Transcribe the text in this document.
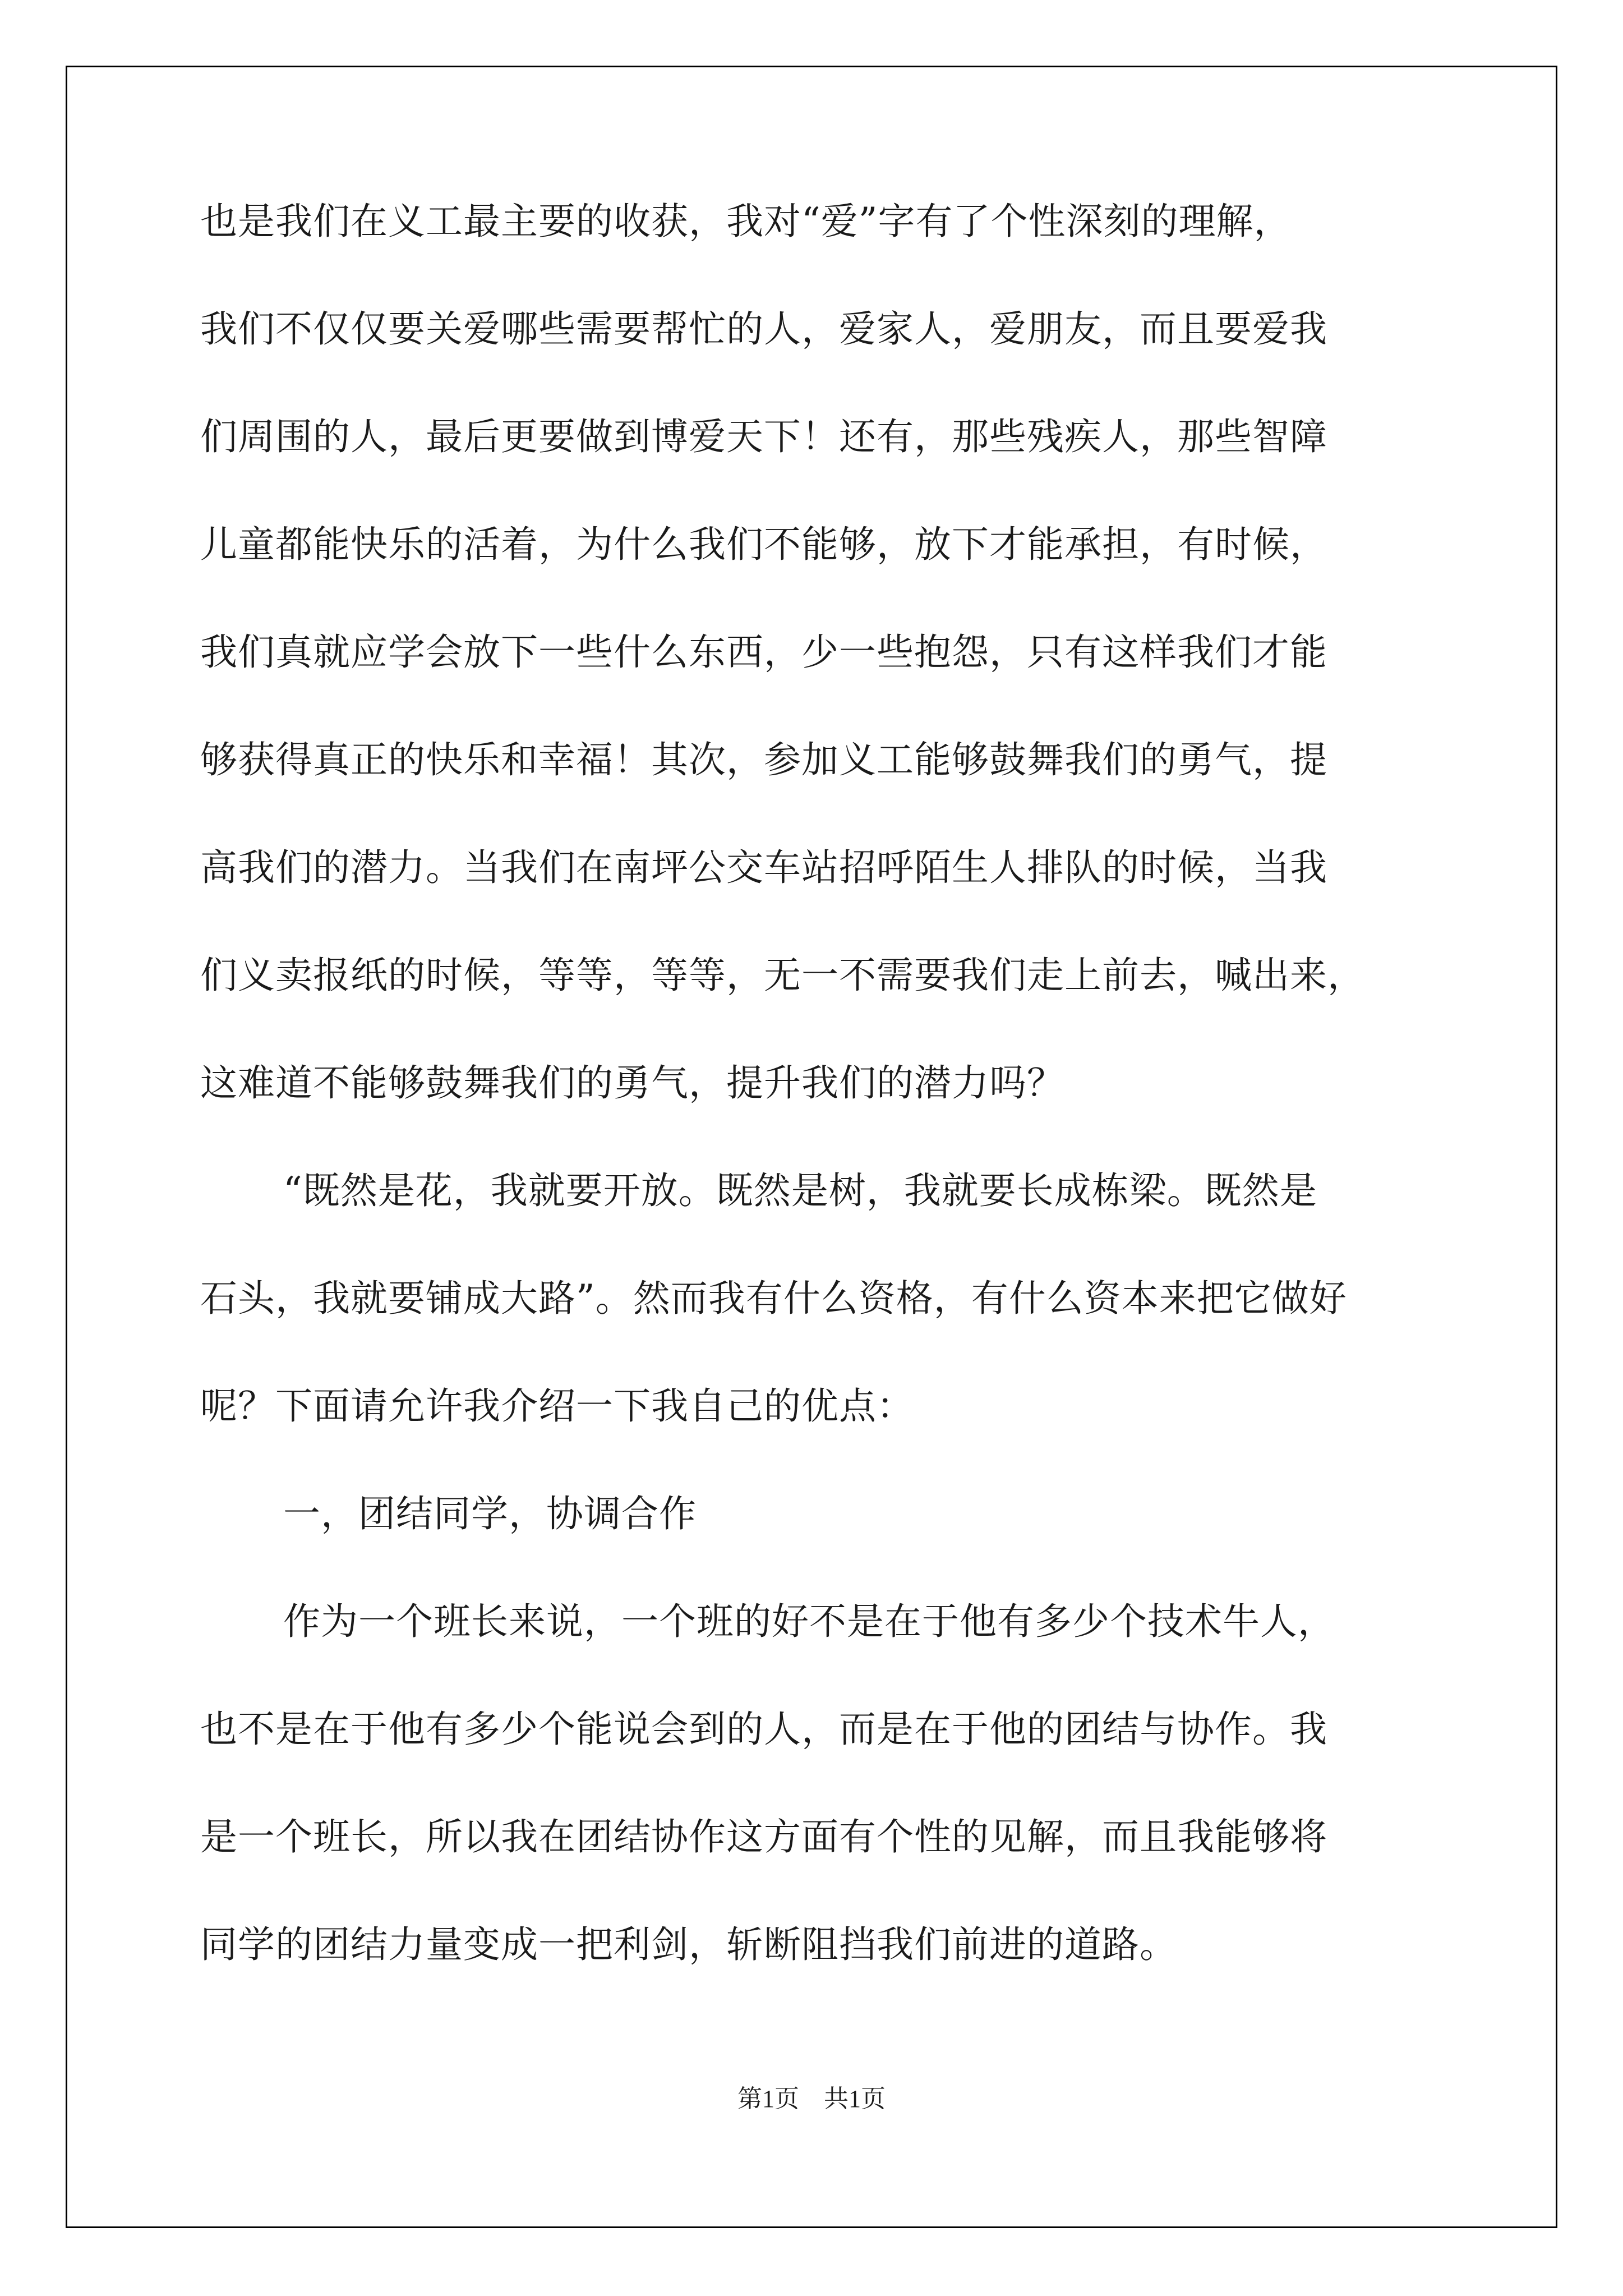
也是我们在义工最主要的收获，我对“爱”字有了个性深刻的理解，
我们不仅仅要关爱哪些需要帮忙的人，爱家人，爱朋友，而且要爱我
们周围的人，最后更要做到博爱天下！还有，那些残疾人，那些智障
儿童都能快乐的活着，为什么我们不能够，放下才能承担，有时候，
我们真就应学会放下一些什么东西，少一些抱怨，只有这样我们才能
够获得真正的快乐和幸福！其次，参加义工能够鼓舞我们的勇气，提
高我们的潜力。当我们在南坪公交车站招呼陌生人排队的时候，当我
们义卖报纸的时候，等等，等等，无一不需要我们走上前去，喊出来，
这难道不能够鼓舞我们的勇气，提升我们的潜力吗？
“既然是花，我就要开放。既然是树，我就要长成栋梁。既然是
石头，我就要铺成大路”。然而我有什么资格，有什么资本来把它做好
呢？下面请允许我介绍一下我自己的优点：
一，团结同学，协调合作
作为一个班长来说，一个班的好不是在于他有多少个技术牛人，
也不是在于他有多少个能说会到的人，而是在于他的团结与协作。我
是一个班长，所以我在团结协作这方面有个性的见解，而且我能够将
同学的团结力量变成一把利剑，斩断阻挡我们前进的道路。
第1页 共1页
